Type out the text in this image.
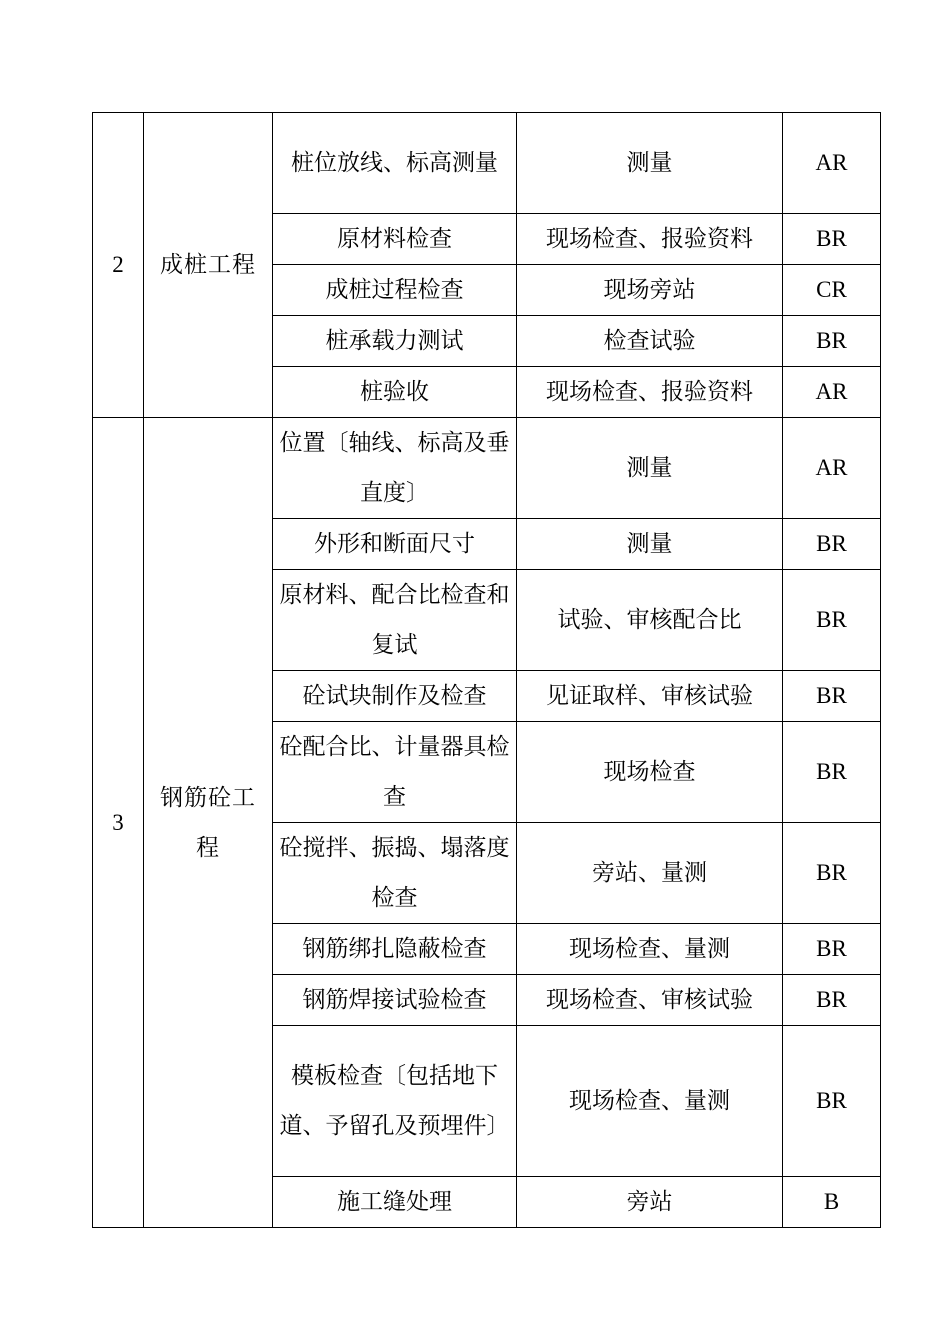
2	成桩工程	桩位放线、标高测量	测量	AR
		原材料检查	现场检查、报验资料	BR
		成桩过程检查	现场旁站	CR
		桩承载力测试	检查试验	BR
		桩验收	现场检查、报验资料	AR
3	钢筋砼工程	位置〔轴线、标高及垂直度〕	测量	AR
		外形和断面尺寸	测量	BR
		原材料、配合比检查和复试	试验、审核配合比	BR
		砼试块制作及检查	见证取样、审核试验	BR
		砼配合比、计量器具检查	现场检查	BR
		砼搅拌、振捣、塌落度检查	旁站、量测	BR
		钢筋绑扎隐蔽检查	现场检查、量测	BR
		钢筋焊接试验检查	现场检查、审核试验	BR
		模板检查〔包括地下道、予留孔及预埋件〕	现场检查、量测	BR
		施工缝处理	旁站	B
